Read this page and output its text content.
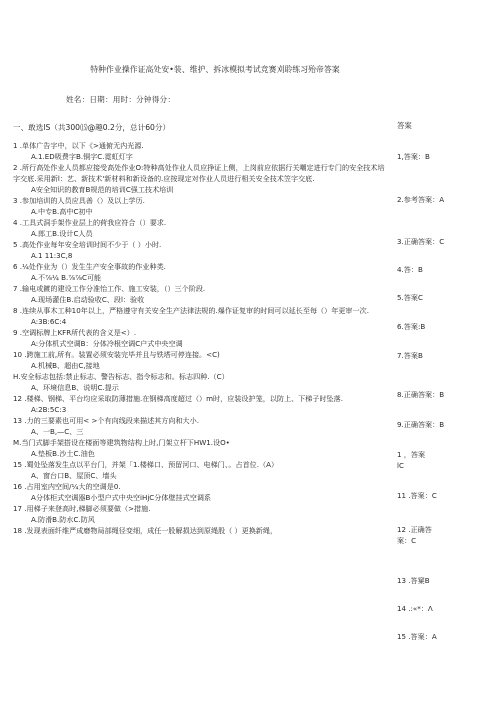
特种作业操作证高处安•装、维护、拆冰模拟考试竞赛刈聆练习殆帝答案
姓名：日期：用时：分钟得分：
一、敢选lS（共300⒂@趣0.2分，总计60分）	答案

1 .单体广告字中，以下《>通俯无内光源.

A.1.ED吸费字B.铜字C.霓虹灯字

2 .所行高处作业人员都应接受高处作业O:特种高处作业人员应挣证上侧，上岗前应依据行关嘲定进行专门的安全技术培字交底.采用新l：艺、新技术'新材料和新设备的.应按现定对作业人员进行相关安全技术笠字交底.

A安全知识的教育B规范的培训C强工技术培训

3 .参加培训的人员应具善（）及以上学历.

A.中专B.高中C初中

4 .工具式洞手架作业层上的荷我应符合（）要求.

A.郎工B.设计C人员

5 .高处作业每年安全培训时间不少于（ ）小时.

A.1 11:3C,8

6 .¼处作业为（）发生生产安全事故的作业种类.

A.不⅞¼ B.⅞⅞C可能

7 .输电或鍍的建设工作分准怡工作、施工安装，（）三个阶段.

A.现场灌住B.启动验收C、段l：验收

8 .连续从事木工种10年以上，严格遵守有关安全生产法律法规的.爆作证复审的时间可以延长至每（）年更审一次.

A:3B:6C:4

9 .空调标牌上KFR所代表的含义是<）.

A:分体机式空调B：分体冷根空调C户式中央空调

10 .跨施工前,所有。装置必须安装完毕并且与铁塔可停连接。<C)

A.机械B、超由C,接地

H.安全标志包括:禁止标志、警告标志、指令标志和。标志四种.（C）

A、环境信息B、说明C.提示

12 .楼梯、钢梯、平台均应采取防薄措施.在钢梯高度超过（）m时，应装设护笼，以防上、下梯子时坠落.

A:2B:5C:3

13 .力的三要素也可用< >个有向线段来描述其方向和大小.

A、一B,—C、三

M.当门式脚手架搭设在楼面等建筑物结构上时,门架立杆下HW1.设O•

A.垫板B.沙土C.油色

15 .蜀处坠落发生点以平台门，并架「1.楼梯口、预留河口、电梯门、。占首位.（A）

A、窗台口B、屋顶C、墙头

16 .占用室内空间/¼大的空调是0.

A分体柜式空调器B小型户式中央空iHjC分体壁挂式空调系

17 .用梯子来登高时,梯脚必须要做（>措施.

A.防滑B.防水C.防风

18 .发现表面纤维严成磨物局部绳径变细，成任一股解损达到原绳股（ ）更换新绳，

1,答案：B
2.参考答案：A
3.正确答案：C
4.答：B
5.答案C
6.答案:B
7.答案B
8.正确答案：B
9.正确答案：B
1 ，答案
lC
11 .答案：C
12 .正确答
案：C
13 .答窠B
14 .:«*：Λ
15 .答案：A
